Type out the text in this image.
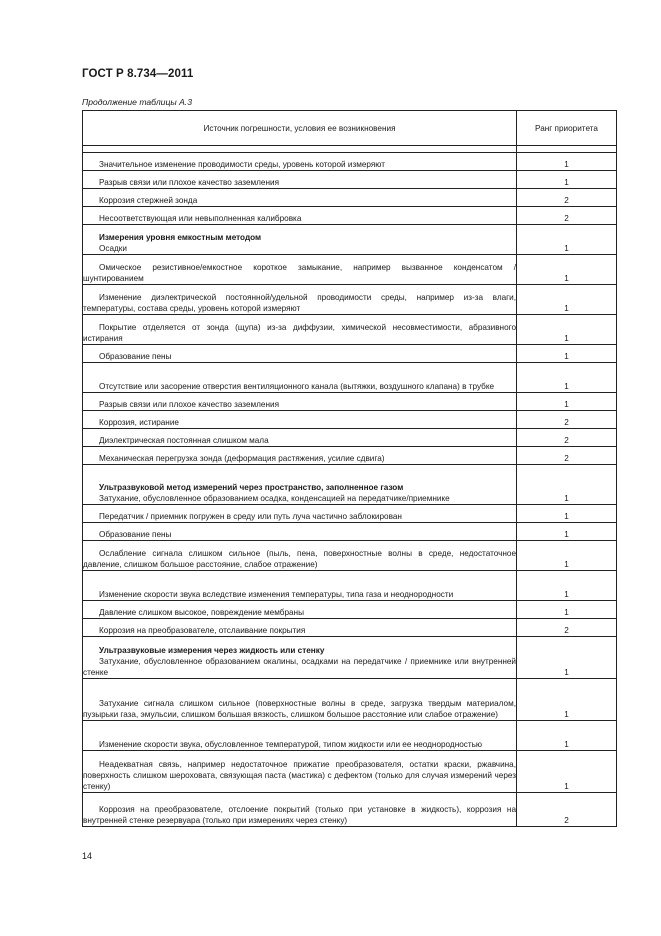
ГОСТ Р 8.734—2011
Продолжение таблицы А.3
Источник погрешности, условия ее возникновения	Ранг приоритета

Значительное изменение проводимости среды, уровень которой измеряют	1

Разрыв связи или плохое качество заземления	1

Коррозия стержней зонда	2

Несоответствующая или невыполненная калибровка	2

Измерения уровня емкостным методом
Осадки	1

Омическое резистивное/емкостное короткое замыкание, например вызванное конденсатом / шунтированием	1

Изменение диэлектрической постоянной/удельной проводимости среды, например из-за влаги, температуры, состава среды, уровень которой измеряют	1

Покрытие отделяется от зонда (щупа) из-за диффузии, химической несовместимости, абразивного истирания	1

Образование пены	1

Отсутствие или засорение отверстия вентиляционного канала (вытяжки, воздушного клапана) в трубке	1

Разрыв связи или плохое качество заземления	1

Коррозия, истирание	2

Диэлектрическая постоянная слишком мала	2

Механическая перегрузка зонда (деформация растяжения, усилие сдвига)	2

Ультразвуковой метод измерений через пространство, заполненное газом
Затухание, обусловленное образованием осадка, конденсацией на передатчике/приемнике	1

Передатчик / приемник погружен в среду или путь луча частично заблокирован	1

Образование пены	1

Ослабление сигнала слишком сильное (пыль, пена, поверхностные волны в среде, недостаточное давление, слишком большое расстояние, слабое отражение)	1

Изменение скорости звука вследствие изменения температуры, типа газа и неоднородности	1

Давление слишком высокое, повреждение мембраны	1

Коррозия на преобразователе, отслаивание покрытия	2

Ультразвуковые измерения через жидкость или стенку
Затухание, обусловленное образованием окалины, осадками на передатчике / приемнике или внутренней стенке	1

Затухание сигнала слишком сильное (поверхностные волны в среде, загрузка твердым материалом, пузырьки газа, эмульсии, слишком большая вязкость, слишком большое расстояние или слабое отражение)	1

Изменение скорости звука, обусловленное температурой, типом жидкости или ее неоднородностью	1

Неадекватная связь, например недостаточное прижатие преобразователя, остатки краски, ржавчина, поверхность слишком шероховата, связующая паста (мастика) с дефектом (только для случая измерений через стенку)	1

Коррозия на преобразователе, отслоение покрытий (только при установке в жидкость), коррозия на внутренней стенке резервуара (только при измерениях через стенку)	2
14
